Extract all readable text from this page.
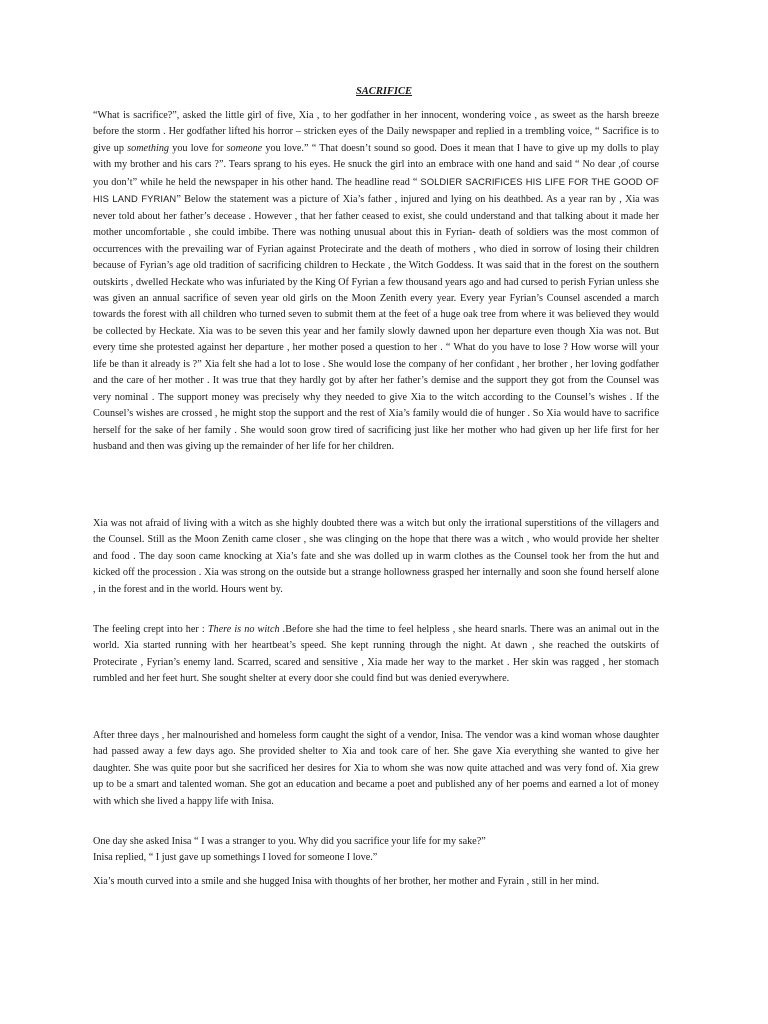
SACRIFICE

“What is sacrifice?”, asked the little girl of five, Xia , to her godfather in her innocent, wondering voice , as sweet as the harsh breeze before the storm . Her godfather lifted his horror – stricken eyes of the Daily newspaper and replied in a trembling voice, “ Sacrifice is to give up something you love for someone you love.” “ That doesn’t sound so good. Does it mean that I have to give up my dolls to play with my brother and his cars ?”. Tears sprang to his eyes. He snuck the girl into an embrace with one hand and said “ No dear ,of course you don’t” while he held the newspaper in his other hand. The headline read “ SOLDIER SACRIFICES HIS LIFE FOR THE GOOD OF HIS LAND FYRIAN” Below the statement was a picture of Xia’s father , injured and lying on his deathbed. As a year ran by , Xia was never told about her father’s decease . However , that her father ceased to exist, she could understand and that talking about it made her mother uncomfortable , she could imbibe. There was nothing unusual about this in Fyrian- death of soldiers was the most common of occurrences with the prevailing war of Fyrian against Protecirate and the death of mothers , who died in sorrow of losing their children because of Fyrian’s age old tradition of sacrificing children to Heckate , the Witch Goddess. It was said that in the forest on the southern outskirts , dwelled Heckate who was infuriated by the King Of Fyrian a few thousand years ago and had cursed to perish Fyrian unless she was given an annual sacrifice of seven year old girls on the Moon Zenith every year. Every year Fyrian’s Counsel ascended a march towards the forest with all children who turned seven to submit them at the feet of a huge oak tree from where it was believed they would be collected by Heckate. Xia was to be seven this year and her family slowly dawned upon her departure even though Xia was not. But every time she protested against her departure , her mother posed a question to her . “ What do you have to lose ? How worse will your life be than it already is ?” Xia felt she had a lot to lose . She would lose the company of her confidant , her brother , her loving godfather and the care of her mother . It was true that they hardly got by after her father’s demise and the support they got from the Counsel was very nominal . The support money was precisely why they needed to give Xia to the witch according to the Counsel’s wishes . If the Counsel’s wishes are crossed , he might stop the support and the rest of Xia’s family would die of hunger . So Xia would have to sacrifice herself for the sake of her family . She would soon grow tired of sacrificing just like her mother who had given up her life first for her husband and then was giving up the remainder of her life for her children.

Xia was not afraid of living with a witch as she highly doubted there was a witch but only the irrational superstitions of the villagers and the Counsel. Still as the Moon Zenith came closer , she was clinging on the hope that there was a witch , who would provide her shelter and food . The day soon came knocking at Xia’s fate and she was dolled up in warm clothes as the Counsel took her from the hut and kicked off the procession . Xia was strong on the outside but a strange hollowness grasped her internally and soon she found herself alone , in the forest and in the world. Hours went by.

The feeling crept into her : There is no witch .Before she had the time to feel helpless , she heard snarls. There was an animal out in the world. Xia started running with her heartbeat’s speed. She kept running through the night. At dawn , she reached the outskirts of Protecirate , Fyrian’s enemy land. Scarred, scared and sensitive , Xia made her way to the market . Her skin was ragged , her stomach rumbled and her feet hurt. She sought shelter at every door she could find but was denied everywhere.

After three days , her malnourished and homeless form caught the sight of a vendor, Inisa. The vendor was a kind woman whose daughter had passed away a few days ago. She provided shelter to Xia and took care of her. She gave Xia everything she wanted to give her daughter. She was quite poor but she sacrificed her desires for Xia to whom she was now quite attached and was very fond of. Xia grew up to be a smart and talented woman. She got an education and became a poet and published any of her poems and earned a lot of money with which she lived a happy life with Inisa.

One day she asked Inisa “ I was a stranger to you. Why did you sacrifice your life for my sake?”
Inisa replied, “ I just gave up somethings I loved for someone I love.”

Xia’s mouth curved into a smile and she hugged Inisa with thoughts of her brother, her mother and Fyrain , still in her mind.
